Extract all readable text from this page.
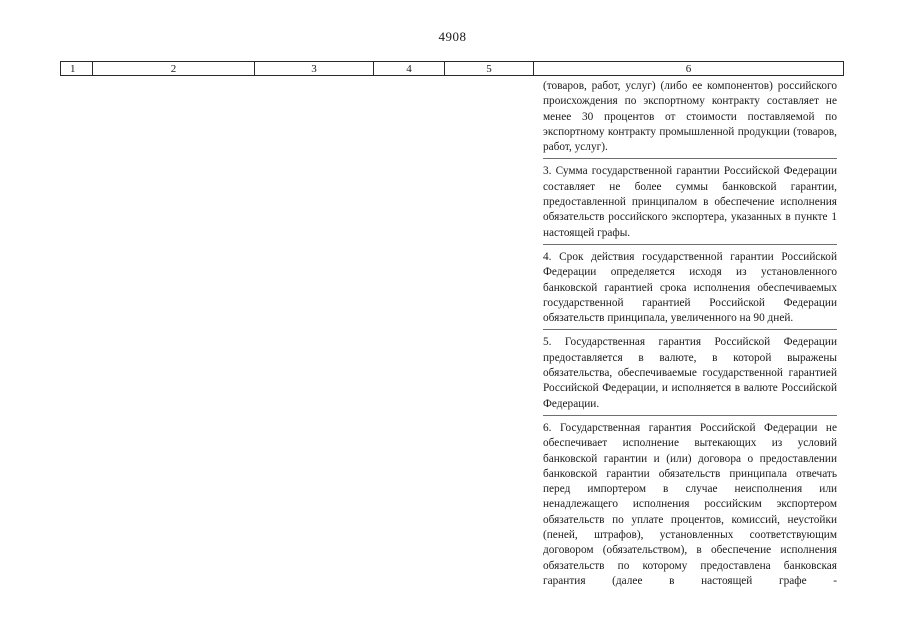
4908
1	2	3	4	5	6

(товаров, работ, услуг) (либо ее компонентов) российского происхождения по экспортному контракту составляет не менее 30 процентов от стоимости поставляемой по экспортному контракту промышленной продукции (товаров, работ, услуг).

3. Сумма государственной гарантии Российской Федерации составляет не более суммы банковской гарантии, предоставленной принципалом в обеспечение исполнения обязательств российского экспортера, указанных в пункте 1 настоящей графы.

4. Срок действия государственной гарантии Российской Федерации определяется исходя из установленного банковской гарантией срока исполнения обеспечиваемых государственной гарантией Российской Федерации обязательств принципала, увеличенного на 90 дней.

5. Государственная гарантия Российской Федерации предоставляется в валюте, в которой выражены обязательства, обеспечиваемые государственной гарантией Российской Федерации, и исполняется в валюте Российской Федерации.

6. Государственная гарантия Российской Федерации не обеспечивает исполнение вытекающих из условий банковской гарантии и (или) договора о предоставлении банковской гарантии обязательств принципала отвечать перед импортером в случае неисполнения или ненадлежащего исполнения российским экспортером обязательств по уплате процентов, комиссий, неустойки (пеней, штрафов), установленных соответствующим договором (обязательством), в обеспечение исполнения обязательств по которому предоставлена банковская гарантия (далее в настоящей графе -
